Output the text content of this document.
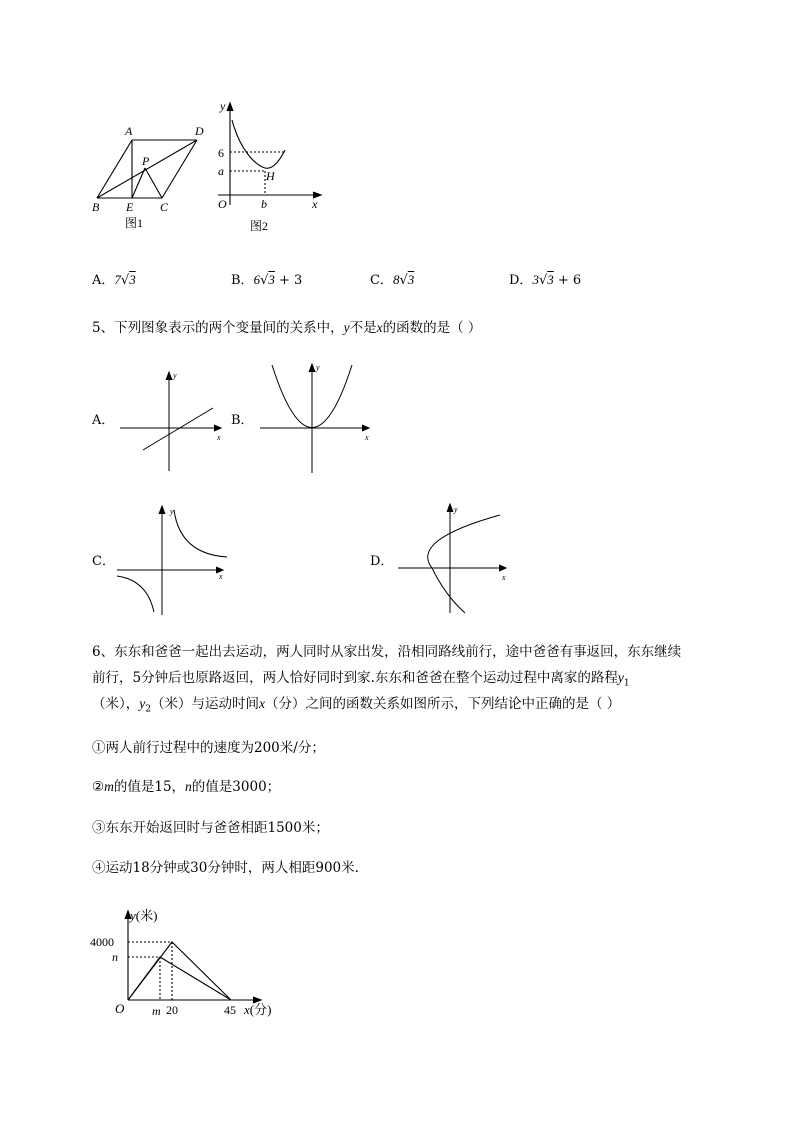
A	D
P
B E C
图1
y
6
a	H
O	b	x
图2
A．7√3	B．6√3 + 3	C．8√3	D．3√3 + 6
5、下列图象表示的两个变量间的关系中，y不是x的函数的是（ ）
A．
y
x
B．
y
x
C．
y
x
D．
y
x
6、东东和爸爸一起出去运动，两人同时从家出发，沿相同路线前行，途中爸爸有事返回，东东继续
前行，5分钟后也原路返回，两人恰好同时到家.东东和爸爸在整个运动过程中离家的路程$y_1$
（米），$y_2$（米）与运动时间x（分）之间的函数关系如图所示，下列结论中正确的是（ ）
①两人前行过程中的速度为200米/分；
②m的值是15，n的值是3000；
③东东开始返回时与爸爸相距1500米；
④运动18分钟或30分钟时，两人相距900米.
y(米)
4000
n
O m 20	45 x(分)
